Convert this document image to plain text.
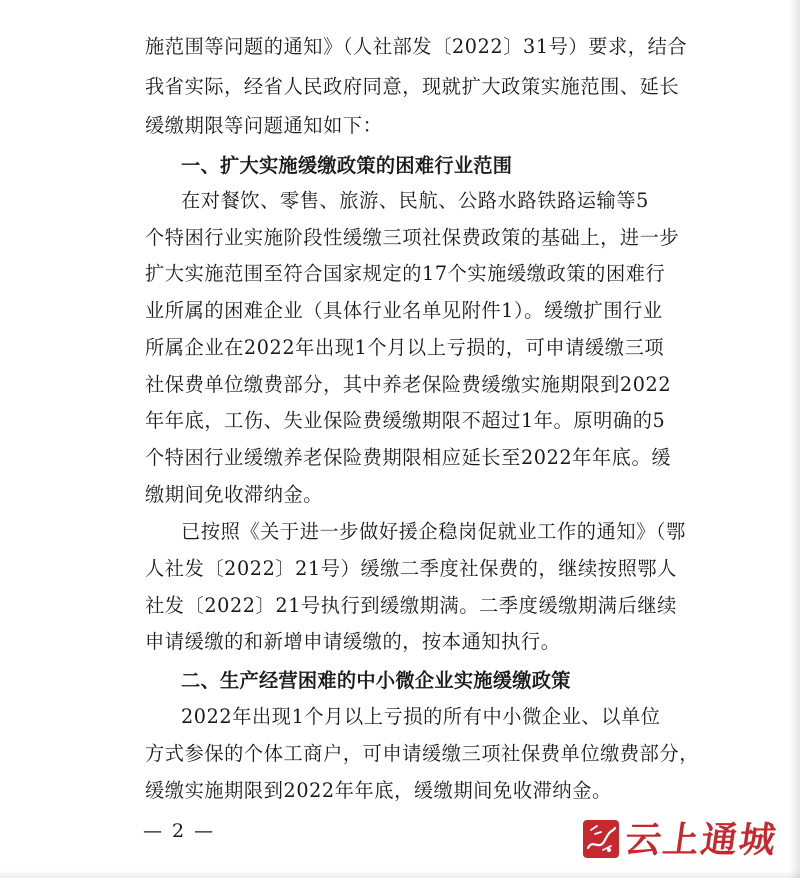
施范围等问题的通知》（人社部发〔2022〕31号）要求，结合
我省实际，经省人民政府同意，现就扩大政策实施范围、延长
缓缴期限等问题通知如下：
一、扩大实施缓缴政策的困难行业范围
在对餐饮、零售、旅游、民航、公路水路铁路运输等5
个特困行业实施阶段性缓缴三项社保费政策的基础上，进一步
扩大实施范围至符合国家规定的17个实施缓缴政策的困难行
业所属的困难企业（具体行业名单见附件1）。缓缴扩围行业
所属企业在2022年出现1个月以上亏损的，可申请缓缴三项
社保费单位缴费部分，其中养老保险费缓缴实施期限到2022
年年底，工伤、失业保险费缓缴期限不超过1年。原明确的5
个特困行业缓缴养老保险费期限相应延长至2022年年底。缓
缴期间免收滞纳金。
已按照《关于进一步做好援企稳岗促就业工作的通知》（鄂
人社发〔2022〕21号）缓缴二季度社保费的，继续按照鄂人
社发〔2022〕21号执行到缓缴期满。二季度缓缴期满后继续
申请缓缴的和新增申请缓缴的，按本通知执行。
二、生产经营困难的中小微企业实施缓缴政策
2022年出现1个月以上亏损的所有中小微企业、以单位
方式参保的个体工商户，可申请缓缴三项社保费单位缴费部分，
缓缴实施期限到2022年年底，缓缴期间免收滞纳金。
— 2 —	云上通城
